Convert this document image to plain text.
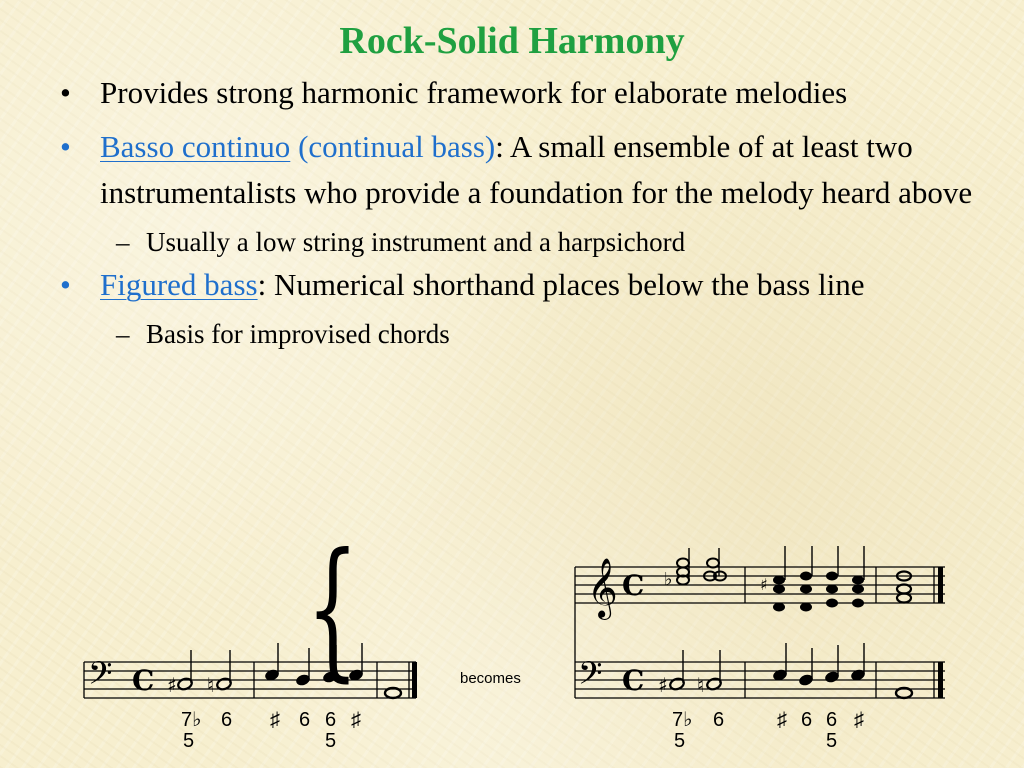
Rock-Solid Harmony
• Provides strong harmonic framework for elaborate melodies
• Basso continuo (continual bass): A small ensemble of at least two instrumentalists who provide a foundation for the melody heard above
– Usually a low string instrument and a harpsichord
• Figured bass: Numerical shorthand places below the bass line
– Basis for improvised chords
𝄢 C ♯ ♮
7♭
5
6 ♯ 6 6
5
♯
becomes
{	𝄞 C
𝄢 C
♭	♯
♯ ♮
7♭
5
6	♯ 6 6
5
♯
